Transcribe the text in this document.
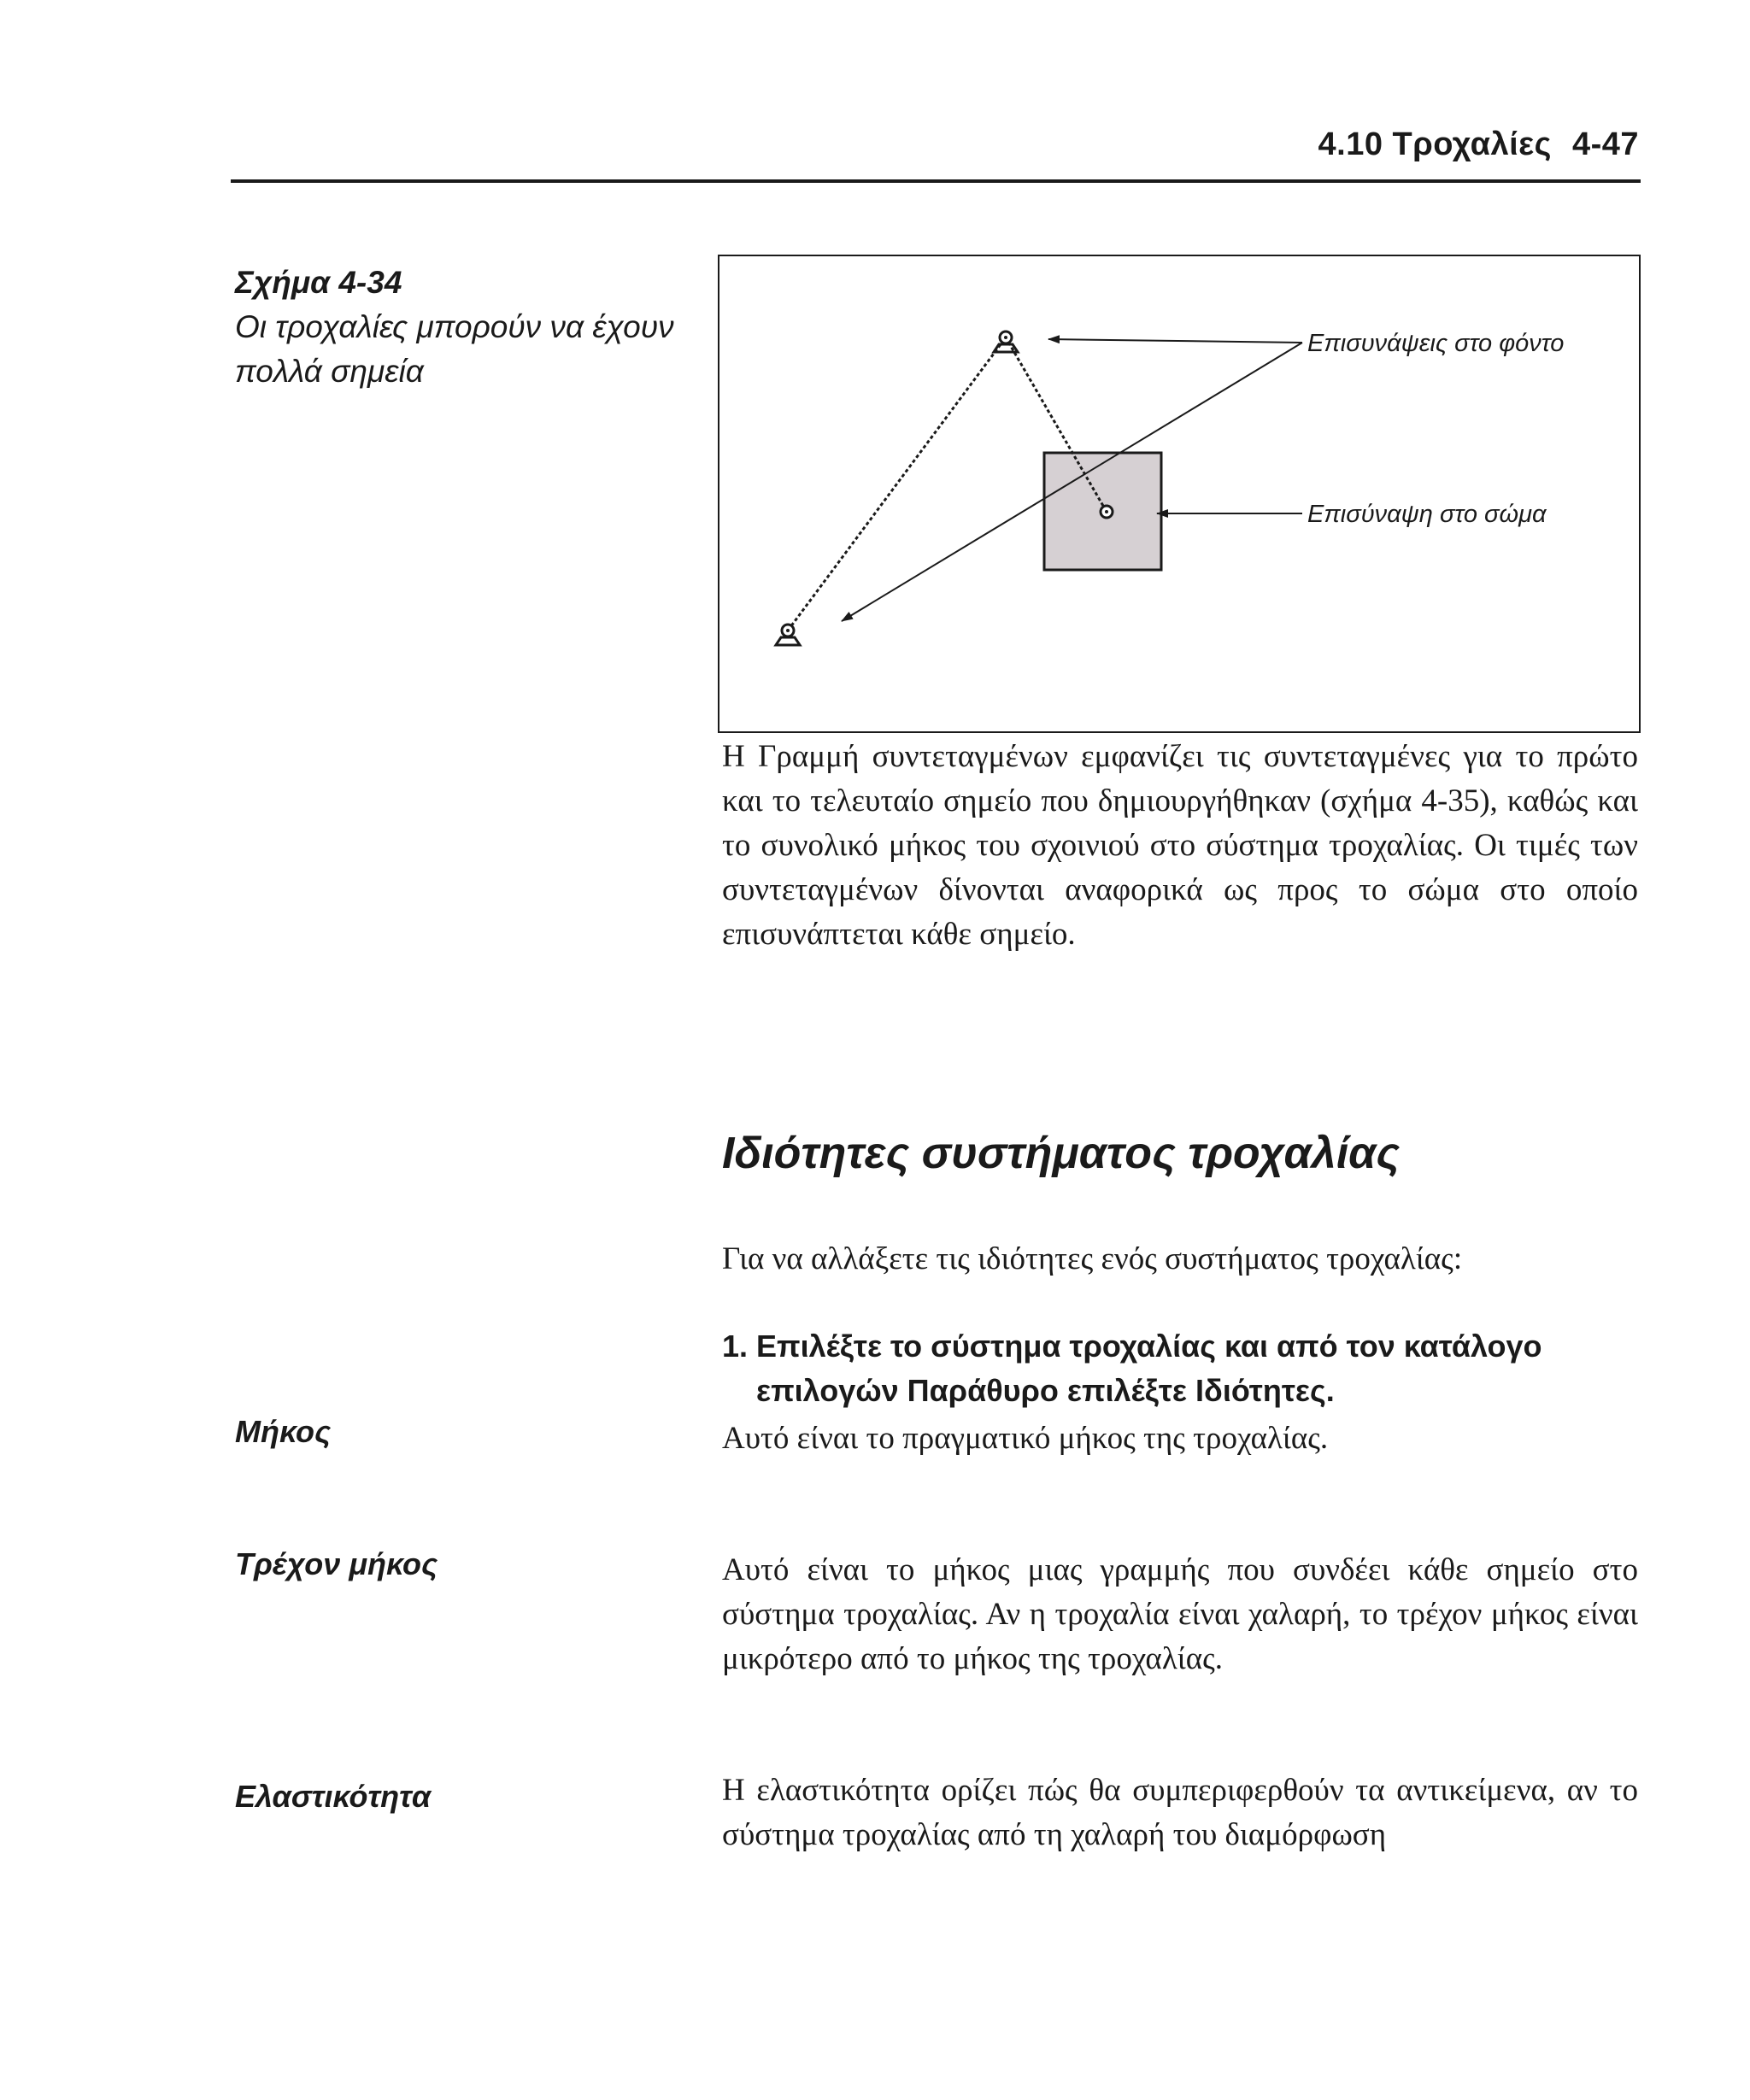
4.10 Τροχαλίες 4-47
Σχήμα 4-34
Οι τροχαλίες μπορούν να έχουν πολλά σημεία
Επισυνάψεις στο φόντο
Επισύναψη στο σώμα
Η Γραμμή συντεταγμένων εμφανίζει τις συντεταγμένες για το πρώτο και το τελευταίο σημείο που δημιουργήθηκαν (σχήμα 4-35), καθώς και το συνολικό μήκος του σχοινιού στο σύστημα τροχαλίας. Οι τιμές των συντεταγμένων δίνονται αναφορικά ως προς το σώμα στο οποίο επισυνάπτεται κάθε σημείο.
Ιδιότητες συστήματος τροχαλίας
Για να αλλάξετε τις ιδιότητες ενός συστήματος τροχαλίας:
1. Επιλέξτε το σύστημα τροχαλίας και από τον κατάλογο
επιλογών Παράθυρο επιλέξτε Ιδιότητες.
Μήκος	Αυτό είναι το πραγματικό μήκος της τροχαλίας.
Τρέχον μήκος	Αυτό είναι το μήκος μιας γραμμής που συνδέει κάθε σημείο στο σύστημα τροχαλίας. Αν η τροχαλία είναι χαλαρή, το τρέχον μήκος είναι μικρότερο από το μήκος της τροχαλίας.
Ελαστικότητα	Η ελαστικότητα ορίζει πώς θα συμπεριφερθούν τα αντικείμενα, αν το σύστημα τροχαλίας από τη χαλαρή του διαμόρφωση
